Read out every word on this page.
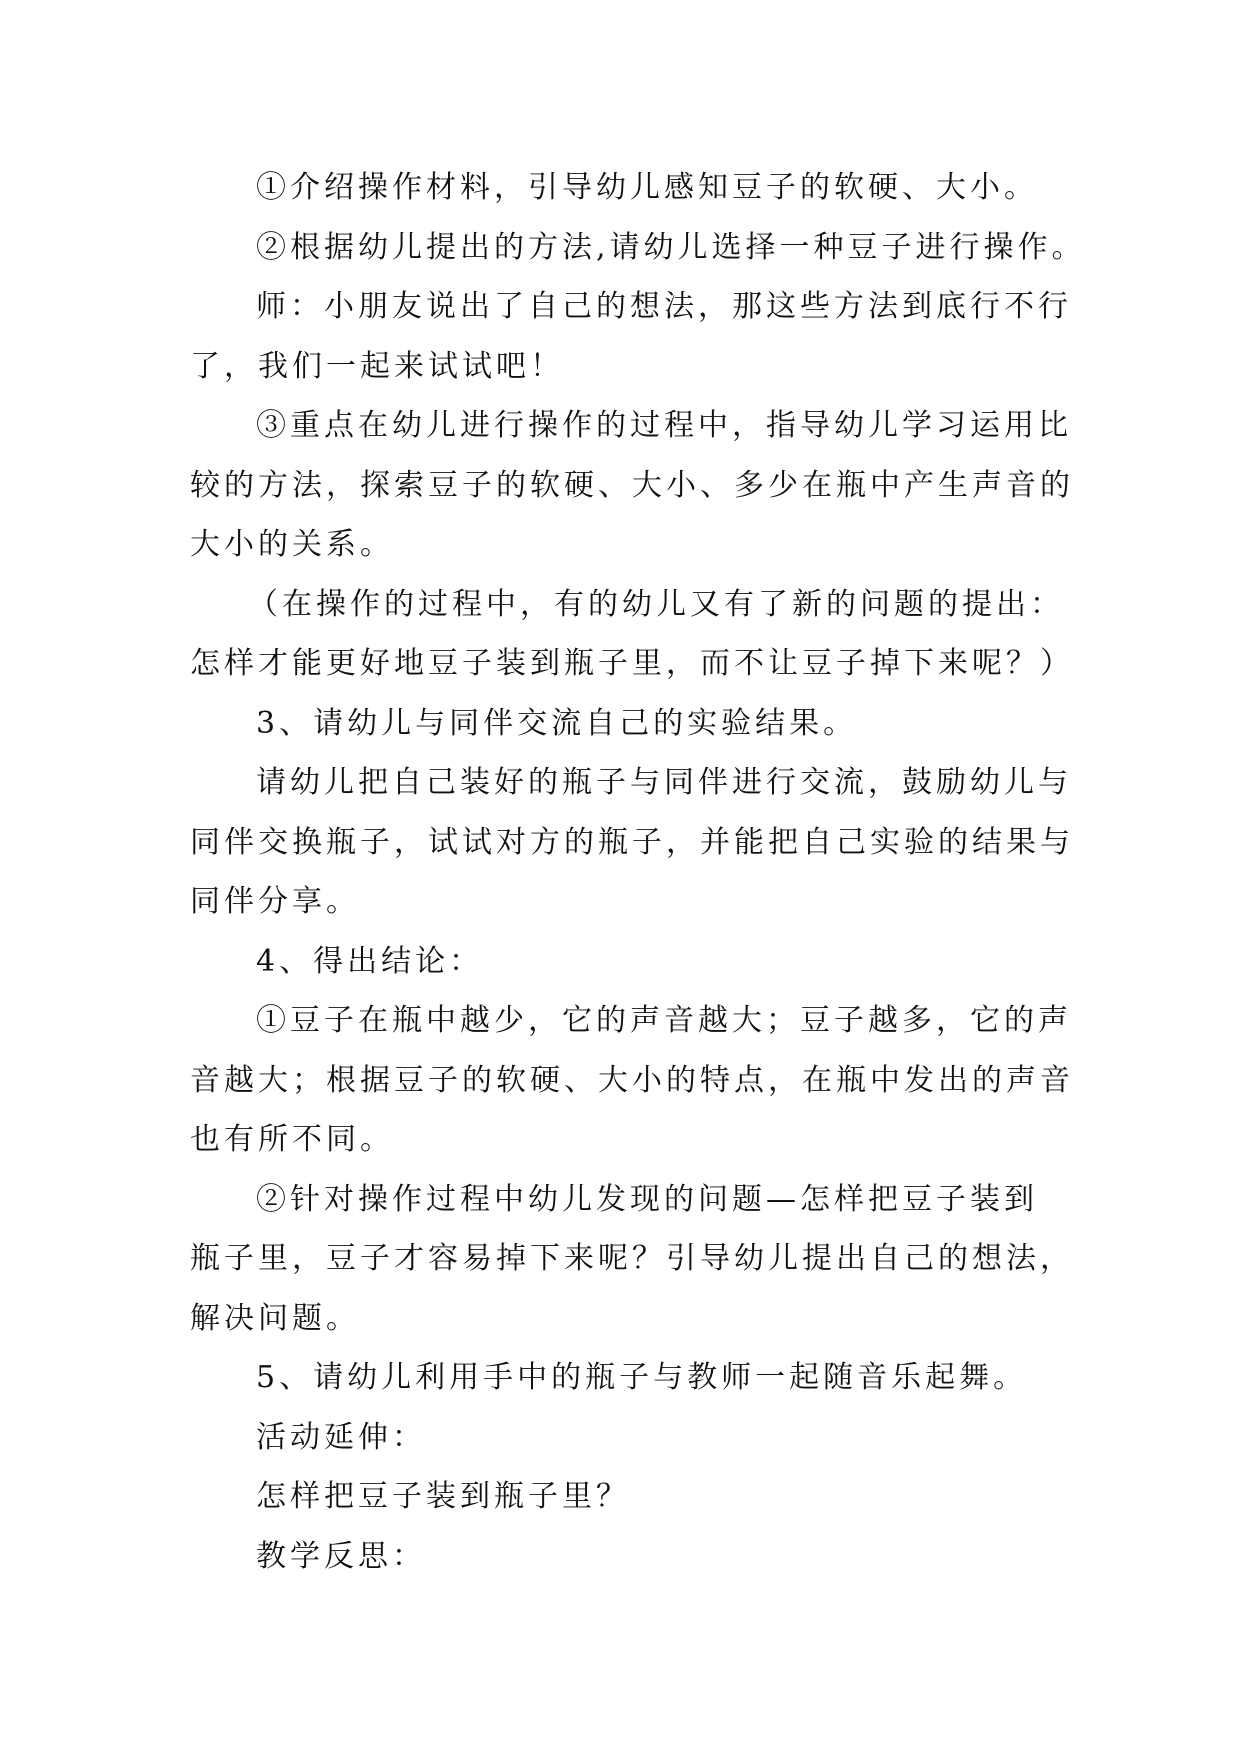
①介绍操作材料，引导幼儿感知豆子的软硬、大小。

②根据幼儿提出的方法,请幼儿选择一种豆子进行操作。

师：小朋友说出了自己的想法，那这些方法到底行不行
了，我们一起来试试吧！

③重点在幼儿进行操作的过程中，指导幼儿学习运用比
较的方法，探索豆子的软硬、大小、多少在瓶中产生声音的
大小的关系。

（在操作的过程中，有的幼儿又有了新的问题的提出：
怎样才能更好地豆子装到瓶子里，而不让豆子掉下来呢？）

3、请幼儿与同伴交流自己的实验结果。

请幼儿把自己装好的瓶子与同伴进行交流，鼓励幼儿与
同伴交换瓶子，试试对方的瓶子，并能把自己实验的结果与
同伴分享。

4、得出结论：

①豆子在瓶中越少，它的声音越大；豆子越多，它的声
音越大；根据豆子的软硬、大小的特点，在瓶中发出的声音
也有所不同。

②针对操作过程中幼儿发现的问题—怎样把豆子装到
瓶子里，豆子才容易掉下来呢？引导幼儿提出自己的想法，
解决问题。

5、请幼儿利用手中的瓶子与教师一起随音乐起舞。

活动延伸：

怎样把豆子装到瓶子里？

教学反思：
